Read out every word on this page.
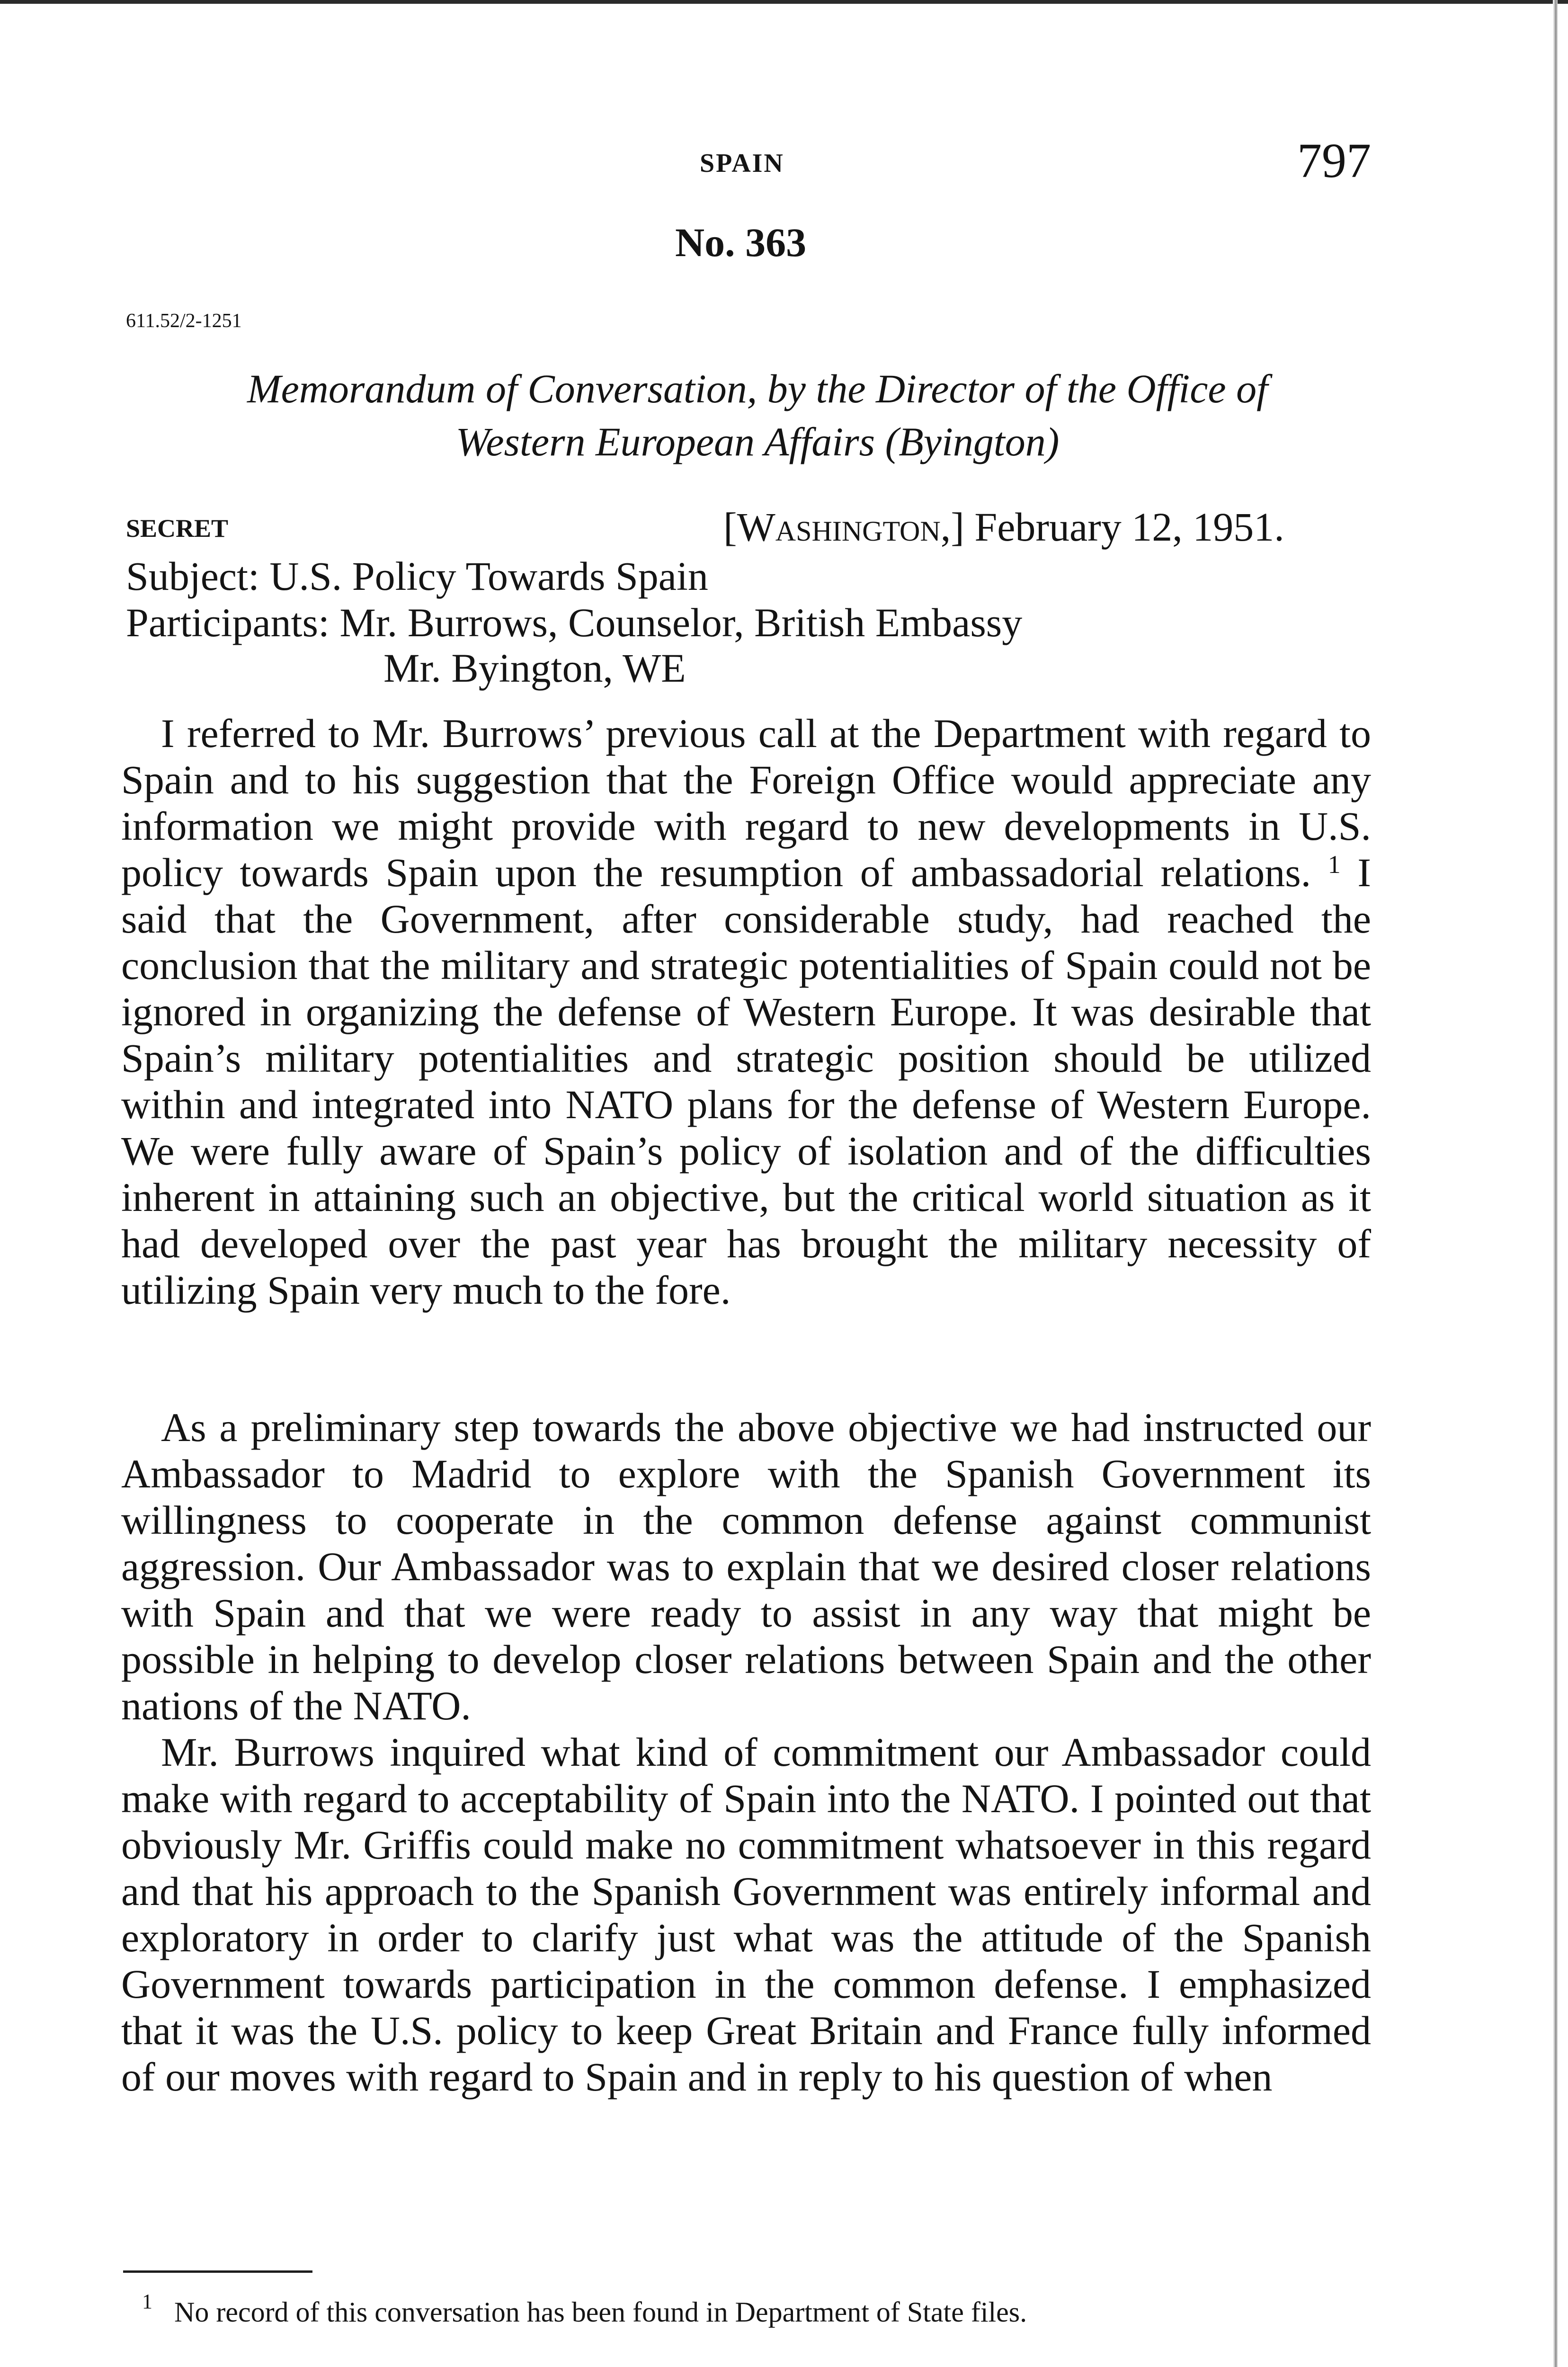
SPAIN	797
No. 363
611.52/2-1251
Memorandum of Conversation, by the Director of the Office of
Western European Affairs (Byington)
SECRET	[Washington,] February 12, 1951.
Subject: U.S. Policy Towards Spain
Participants: Mr. Burrows, Counselor, British Embassy
Mr. Byington, WE

I referred to Mr. Burrows’ previous call at the Department with regard to Spain and to his suggestion that the Foreign Office would appreciate any information we might provide with regard to new developments in U.S. policy towards Spain upon the resumption of ambassadorial relations. $^1$ I said that the Government, after considerable study, had reached the conclusion that the military and strategic potentialities of Spain could not be ignored in organizing the defense of Western Europe. It was desirable that Spain’s military potentialities and strategic position should be utilized within and integrated into NATO plans for the defense of Western Europe. We were fully aware of Spain’s policy of isolation and of the difficulties inherent in attaining such an objective, but the critical world situation as it had developed over the past year has brought the military necessity of utilizing Spain very much to the fore.

As a preliminary step towards the above objective we had instructed our Ambassador to Madrid to explore with the Spanish Government its willingness to cooperate in the common defense against communist aggression. Our Ambassador was to explain that we desired closer relations with Spain and that we were ready to assist in any way that might be possible in helping to develop closer relations between Spain and the other nations of the NATO.

Mr. Burrows inquired what kind of commitment our Ambassador could make with regard to acceptability of Spain into the NATO. I pointed out that obviously Mr. Griffis could make no commitment whatsoever in this regard and that his approach to the Spanish Government was entirely informal and exploratory in order to clarify just what was the attitude of the Spanish Government towards participation in the common defense. I emphasized that it was the U.S. policy to keep Great Britain and France fully informed of our moves with regard to Spain and in reply to his question of when

1 No record of this conversation has been found in Department of State files.
